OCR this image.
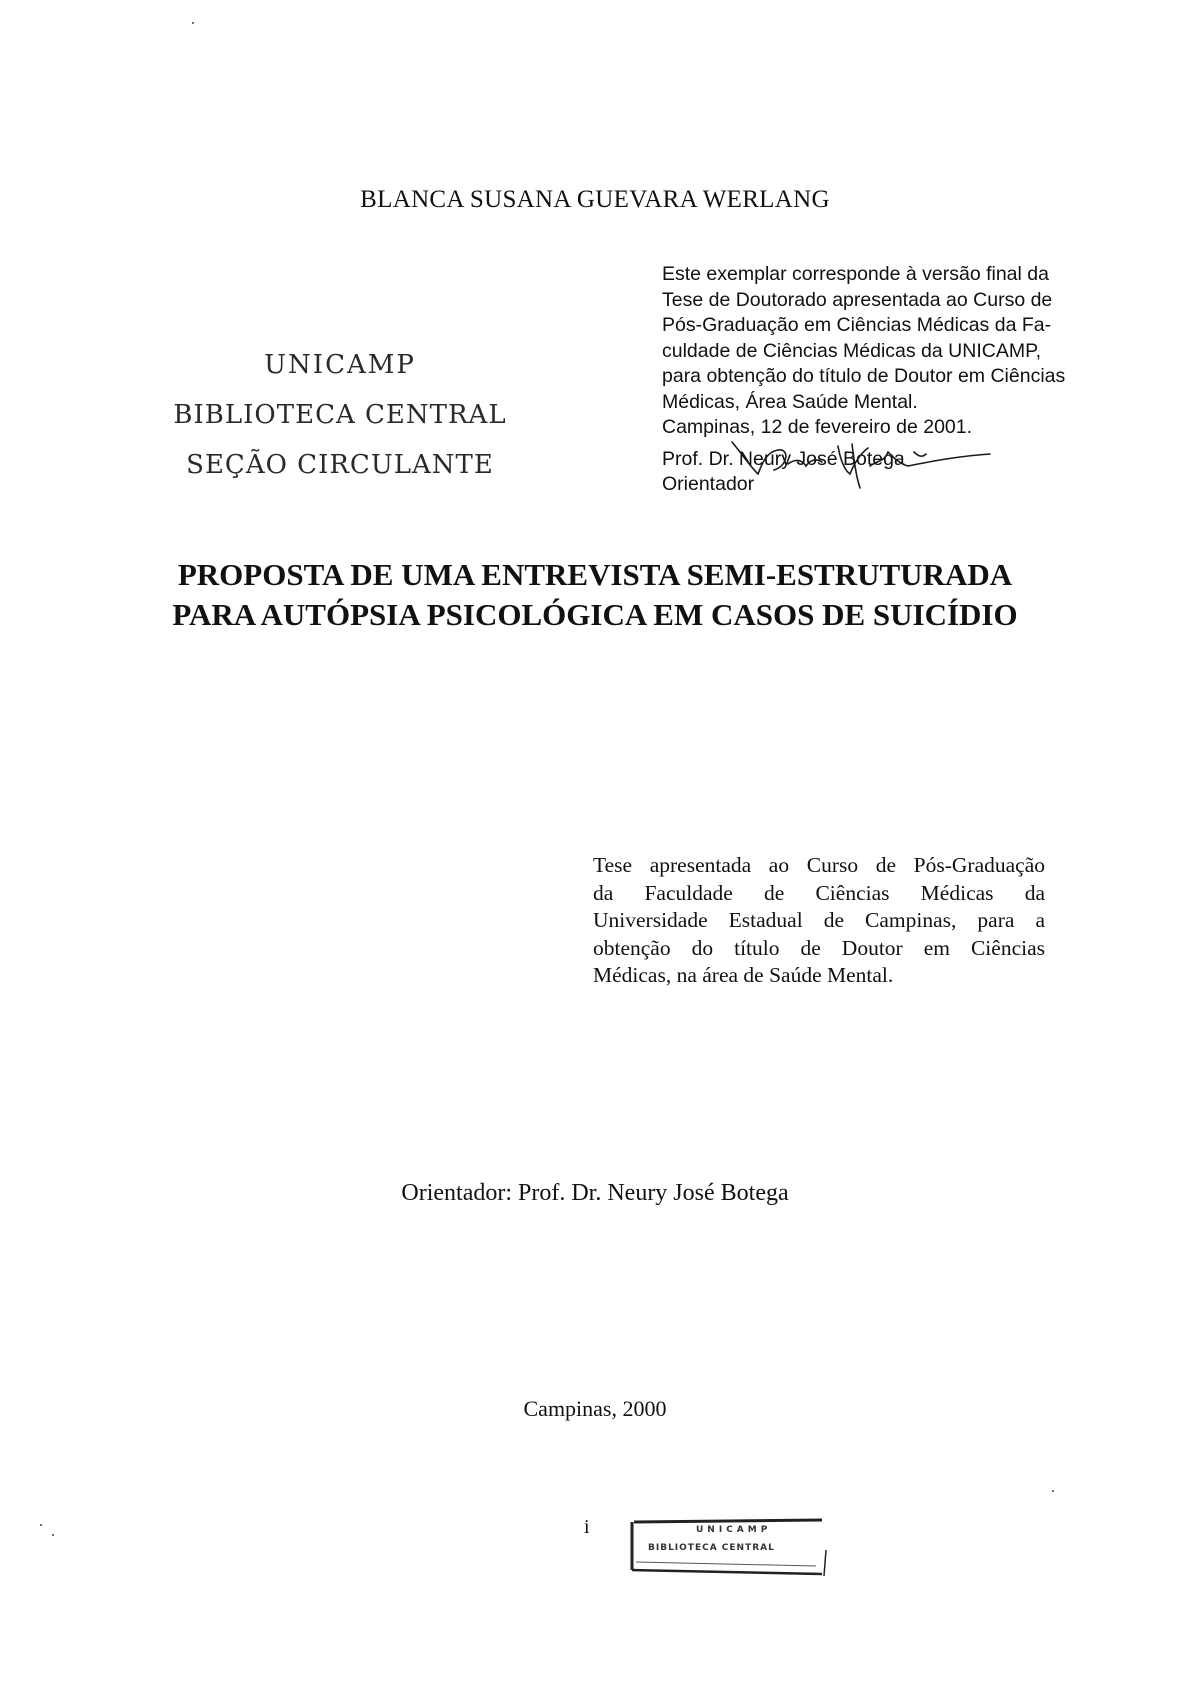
BLANCA SUSANA GUEVARA WERLANG
UNICAMP
BIBLIOTECA CENTRAL
SEÇÃO CIRCULANTE
Este exemplar corresponde à versão final da
Tese de Doutorado apresentada ao Curso de
Pós-Graduação em Ciências Médicas da Fa-
culdade de Ciências Médicas da UNICAMP,
para obtenção do título de Doutor em Ciências
Médicas, Área Saúde Mental.
Campinas, 12 de fevereiro de 2001.
Prof. Dr. Neury José Botega
Orientador
PROPOSTA DE UMA ENTREVISTA SEMI-ESTRUTURADA
PARA AUTÓPSIA PSICOLÓGICA EM CASOS DE SUICÍDIO
Tese apresentada ao Curso de Pós-Graduação
da Faculdade de Ciências Médicas da
Universidade Estadual de Campinas, para a
obtenção do título de Doutor em Ciências
Médicas, na área de Saúde Mental.
Orientador: Prof. Dr. Neury José Botega
Campinas, 2000
i	UNICAMP
BIBLIOTECA CENTRAL
